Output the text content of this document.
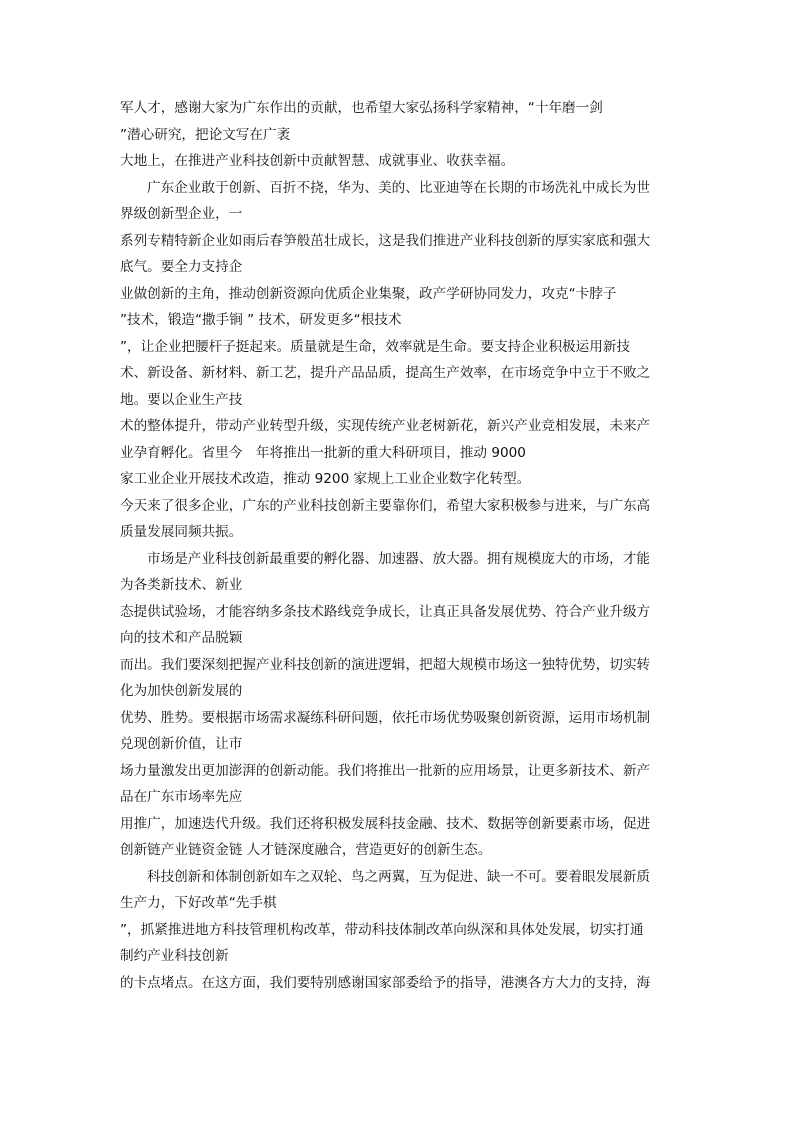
军人才，感谢大家为广东作出的贡献，也希望大家弘扬科学家精神，“十年磨一剑
”潜心研究，把论文写在广袤
大地上，在推进产业科技创新中贡献智慧、成就事业、收获幸福。
广东企业敢于创新、百折不挠，华为、美的、比亚迪等在长期的市场洗礼中成长为世
界级创新型企业，一
系列专精特新企业如雨后春笋般茁壮成长，这是我们推进产业科技创新的厚实家底和强大
底气。要全力支持企
业做创新的主角，推动创新资源向优质企业集聚，政产学研协同发力，攻克“卡脖子
”技术，锻造“撒手锏 ” 技术，研发更多“根技术
”，让企业把腰杆子挺起来。质量就是生命，效率就是生命。要支持企业积极运用新技
术、新设备、新材料、新工艺，提升产品品质，提高生产效率，在市场竞争中立于不败之
地。要以企业生产技
术的整体提升，带动产业转型升级，实现传统产业老树新花，新兴产业竞相发展，未来产
业孕育孵化。省里今　年将推出一批新的重大科研项目，推动 9000
家工业企业开展技术改造，推动 9200 家规上工业企业数字化转型。
今天来了很多企业，广东的产业科技创新主要靠你们，希望大家积极参与进来，与广东高
质量发展同频共振。
市场是产业科技创新最重要的孵化器、加速器、放大器。拥有规模庞大的市场，才能
为各类新技术、新业
态提供试验场，才能容纳多条技术路线竞争成长，让真正具备发展优势、符合产业升级方
向的技术和产品脱颖
而出。我们要深刻把握产业科技创新的演进逻辑，把超大规模市场这一独特优势，切实转
化为加快创新发展的
优势、胜势。要根据市场需求凝练科研问题，依托市场优势吸聚创新资源，运用市场机制
兑现创新价值，让市
场力量激发出更加澎湃的创新动能。我们将推出一批新的应用场景，让更多新技术、新产
品在广东市场率先应
用推广，加速迭代升级。我们还将积极发展科技金融、技术、数据等创新要素市场，促进
创新链产业链资金链 人才链深度融合，营造更好的创新生态。
科技创新和体制创新如车之双轮、鸟之两翼，互为促进、缺一不可。要着眼发展新质
生产力，下好改革“先手棋
”，抓紧推进地方科技管理机构改革，带动科技体制改革向纵深和具体处发展，切实打通
制约产业科技创新
的卡点堵点。在这方面，我们要特别感谢国家部委给予的指导，港澳各方大力的支持，海
